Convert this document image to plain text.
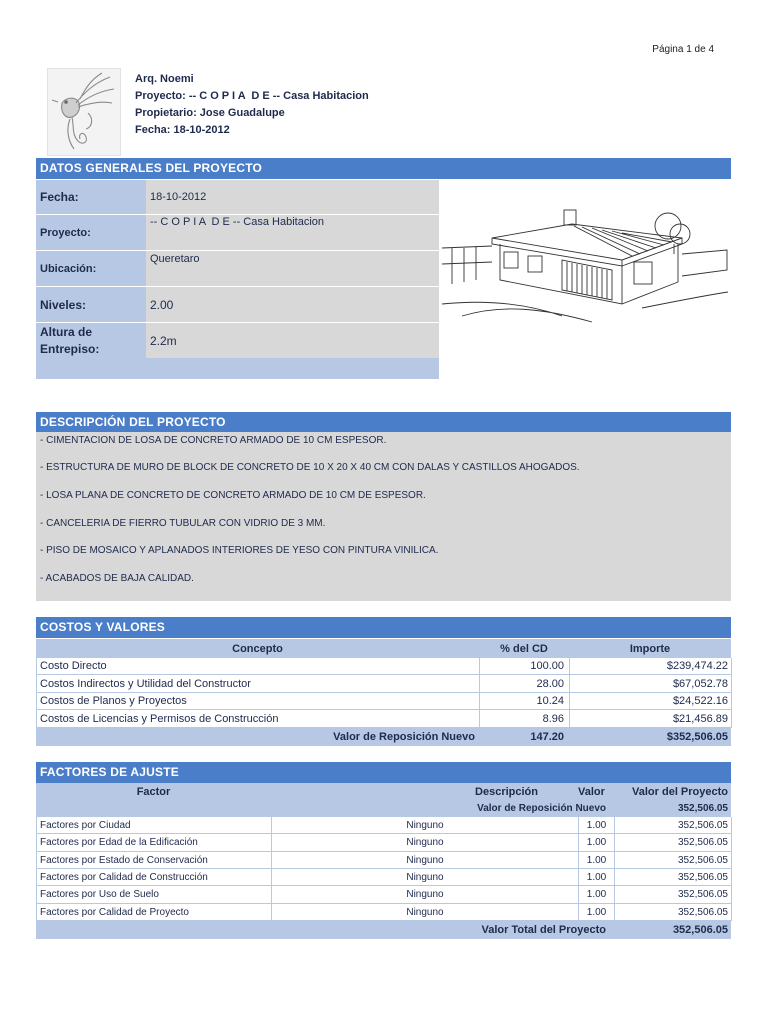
Página 1 de 4
Arq. Noemi
Proyecto: -- C O P I A  D E -- Casa Habitacion
Propietario: Jose Guadalupe
Fecha: 18-10-2012
DATOS GENERALES DEL PROYECTO
Fecha:	18-10-2012
Proyecto:
-- C O P I A  D E -- Casa Habitacion
Ubicación:
Queretaro
Niveles:	2.00
Altura de Entrepiso:
2.2m
DESCRIPCIÓN DEL PROYECTO
- CIMENTACION DE LOSA DE CONCRETO ARMADO DE 10 CM ESPESOR.
- ESTRUCTURA DE MURO DE BLOCK DE CONCRETO DE 10 X 20 X 40 CM CON DALAS Y CASTILLOS AHOGADOS.
- LOSA PLANA DE CONCRETO DE CONCRETO ARMADO DE 10 CM DE ESPESOR.
- CANCELERIA DE FIERRO TUBULAR CON VIDRIO DE 3 MM.
- PISO DE MOSAICO Y APLANADOS INTERIORES DE YESO CON PINTURA VINILICA.
- ACABADOS DE BAJA CALIDAD.
COSTOS Y VALORES
Concepto	% del CD	Importe
Costo Directo	100.00	$239,474.22
Costos Indirectos y Utilidad del Constructor	28.00	$67,052.78
Costos de Planos y Proyectos	10.24	$24,522.16
Costos de Licencias y Permisos de Construcción	8.96	$21,456.89
Valor de Reposición Nuevo	147.20	$352,506.05
FACTORES DE AJUSTE
Factor	Descripción	Valor	Valor del Proyecto
Valor de Reposición Nuevo	352,506.05
Factores por Ciudad	Ninguno	1.00	352,506.05
Factores por Edad de la Edificación	Ninguno	1.00	352,506.05
Factores por Estado de Conservación	Ninguno	1.00	352,506.05
Factores por Calidad de Construcción	Ninguno	1.00	352,506.05
Factores por Uso de Suelo	Ninguno	1.00	352,506.05
Factores por Calidad de Proyecto	Ninguno	1.00	352,506.05
Valor Total del Proyecto	352,506.05
